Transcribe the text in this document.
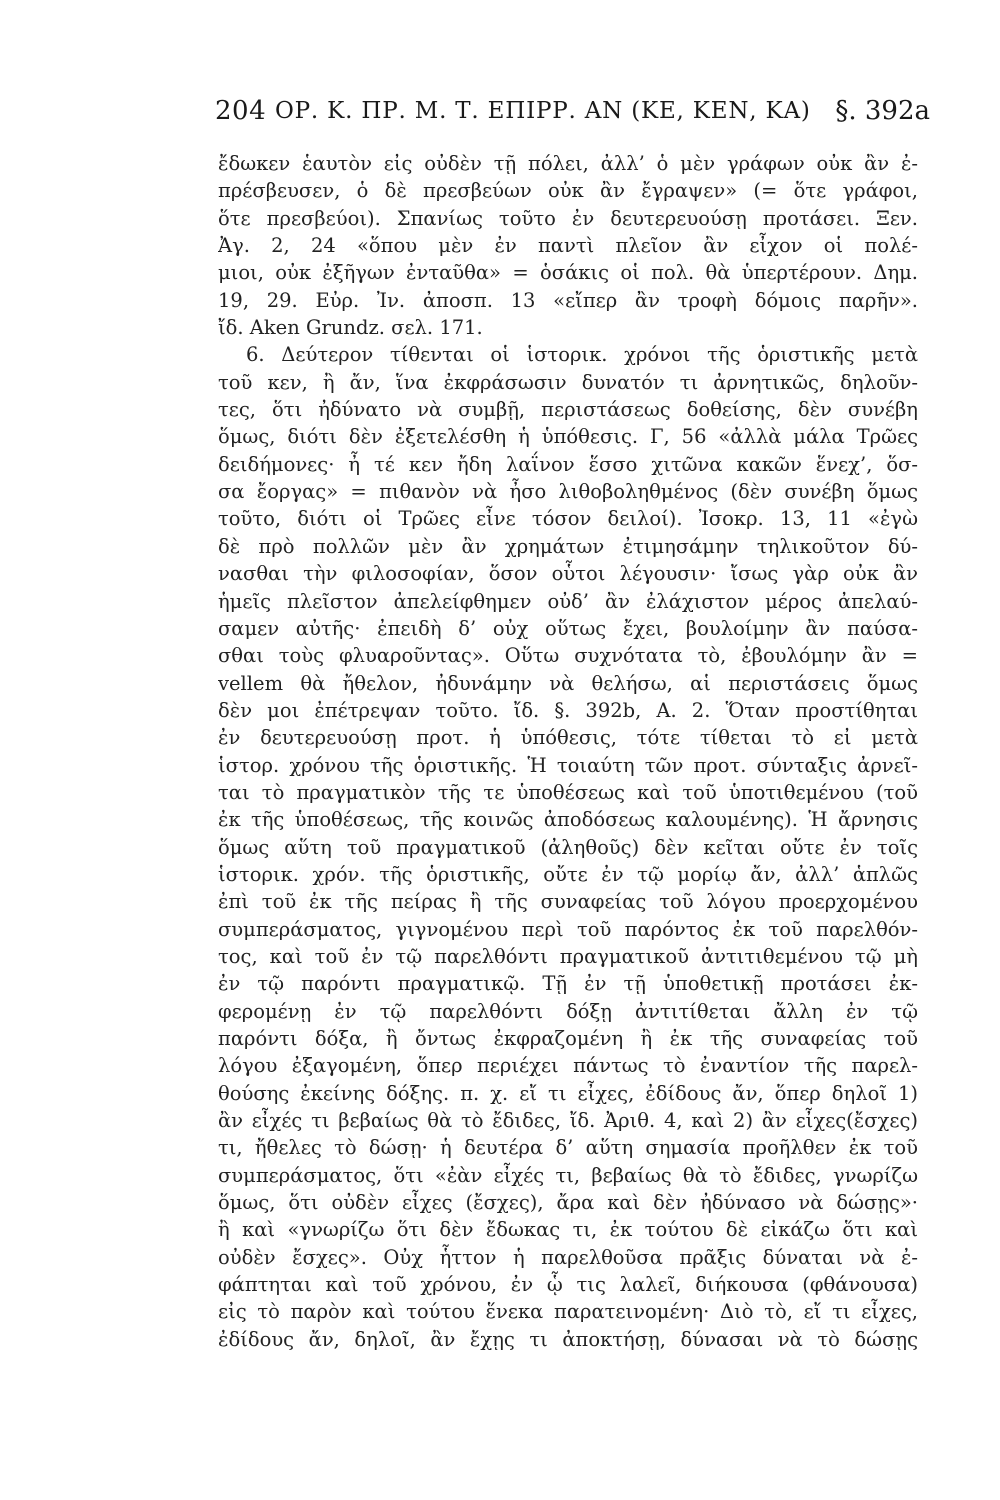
204 ΟΡ. Κ. ΠΡ. Μ. Τ. ΕΠΙΡΡ. ΑΝ (ΚΕ, ΚΕΝ, ΚΑ) §. 392a
ἔδωκεν ἑαυτὸν εἰς οὐδὲν τῇ πόλει, ἀλλ’ ὁ μὲν γράφων οὐκ ἂν ἐ-
πρέσβευσεν, ὁ δὲ πρεσβεύων οὐκ ἂν ἔγραψεν» (= ὅτε γράφοι,
ὅτε πρεσβεύοι). Σπανίως τοῦτο ἐν δευτερευούσῃ προτάσει. Ξεν.
Ἀγ. 2, 24 «ὅπου μὲν ἐν παντὶ πλεῖον ἂν εἶχον οἱ πολέ-
μιοι, οὐκ ἐξῆγων ἐνταῦθα» = ὁσάκις οἱ πολ. θὰ ὑπερτέρουν. Δημ.
19, 29. Εὐρ. Ἰν. ἀποσπ. 13 «εἴπερ ἂν τροφὴ δόμοις παρῆν».
ἴδ. Aken Grundz. σελ. 171.
6. Δεύτερον τίθενται οἱ ἱστορικ. χρόνοι τῆς ὁριστικῆς μετὰ
τοῦ κεν, ἢ ἄν, ἵνα ἐκφράσωσιν δυνατόν τι ἀρνητικῶς, δηλοῦν-
τες, ὅτι ἠδύνατο νὰ συμβῇ, περιστάσεως δοθείσης, δὲν συνέβη
ὅμως, διότι δὲν ἐξετελέσθη ἡ ὑπόθεσις. Γ, 56 «ἀλλὰ μάλα Τρῶες
δειδήμονες· ἦ τέ κεν ἤδη λαΐνον ἕσσο χιτῶνα κακῶν ἕνεχ’, ὅσ-
σα ἔοργας» = πιθανὸν νὰ ἦσο λιθοβοληθμένος (δὲν συνέβη ὅμως
τοῦτο, διότι οἱ Τρῶες εἶνε τόσον δειλοί). Ἰσοκρ. 13, 11 «ἐγὼ
δὲ πρὸ πολλῶν μὲν ἂν χρημάτων ἐτιμησάμην τηλικοῦτον δύ-
νασθαι τὴν φιλοσοφίαν, ὅσον οὗτοι λέγουσιν· ἴσως γὰρ οὐκ ἂν
ἡμεῖς πλεῖστον ἀπελείφθημεν οὐδ’ ἂν ἐλάχιστον μέρος ἀπελαύ-
σαμεν αὐτῆς· ἐπειδὴ δ’ οὐχ οὕτως ἔχει, βουλοίμην ἂν παύσα-
σθαι τοὺς φλυαροῦντας». Οὕτω συχνότατα τὸ, ἐβουλόμην ἂν =
vellem θὰ ἤθελον, ἠδυνάμην νὰ θελήσω, αἱ περιστάσεις ὅμως
δὲν μοι ἐπέτρεψαν τοῦτο. ἴδ. §. 392b, Α. 2. Ὅταν προστίθηται
ἐν δευτερευούσῃ προτ. ἡ ὑπόθεσις, τότε τίθεται τὸ εἰ μετὰ
ἱστορ. χρόνου τῆς ὁριστικῆς. Ἡ τοιαύτη τῶν προτ. σύνταξις ἀρνεῖ-
ται τὸ πραγματικὸν τῆς τε ὑποθέσεως καὶ τοῦ ὑποτιθεμένου (τοῦ
ἐκ τῆς ὑποθέσεως, τῆς κοινῶς ἀποδόσεως καλουμένης). Ἡ ἄρνησις
ὅμως αὕτη τοῦ πραγματικοῦ (ἀληθοῦς) δὲν κεῖται οὔτε ἐν τοῖς
ἱστορικ. χρόν. τῆς ὁριστικῆς, οὔτε ἐν τῷ μορίῳ ἄν, ἀλλ’ ἁπλῶς
ἐπὶ τοῦ ἐκ τῆς πείρας ἢ τῆς συναφείας τοῦ λόγου προερχομένου
συμπεράσματος, γιγνομένου περὶ τοῦ παρόντος ἐκ τοῦ παρελθόν-
τος, καὶ τοῦ ἐν τῷ παρελθόντι πραγματικοῦ ἀντιτιθεμένου τῷ μὴ
ἐν τῷ παρόντι πραγματικῷ. Τῇ ἐν τῇ ὑποθετικῇ προτάσει ἐκ-
φερομένῃ ἐν τῷ παρελθόντι δόξῃ ἀντιτίθεται ἄλλη ἐν τῷ
παρόντι δόξα, ἢ ὄντως ἐκφραζομένη ἢ ἐκ τῆς συναφείας τοῦ
λόγου ἐξαγομένη, ὅπερ περιέχει πάντως τὸ ἐναντίον τῆς παρελ-
θούσης ἐκείνης δόξης. π. χ. εἴ τι εἶχες, ἐδίδους ἄν, ὅπερ δηλοῖ 1)
ἂν εἶχές τι βεβαίως θὰ τὸ ἔδιδες, ἴδ. Ἀριθ. 4, καὶ 2) ἂν εἶχες(ἔσχες)
τι, ἤθελες τὸ δώσῃ· ἡ δευτέρα δ’ αὕτη σημασία προῆλθεν ἐκ τοῦ
συμπεράσματος, ὅτι «ἐὰν εἶχές τι, βεβαίως θὰ τὸ ἔδιδες, γνωρίζω
ὅμως, ὅτι οὐδὲν εἶχες (ἔσχες), ἄρα καὶ δὲν ἠδύνασο νὰ δώσῃς»·
ἢ καὶ «γνωρίζω ὅτι δὲν ἔδωκας τι, ἐκ τούτου δὲ εἰκάζω ὅτι καὶ
οὐδὲν ἔσχες». Οὐχ ἧττον ἡ παρελθοῦσα πρᾶξις δύναται νὰ ἐ-
φάπτηται καὶ τοῦ χρόνου, ἐν ᾧ τις λαλεῖ, διήκουσα (φθάνουσα)
εἰς τὸ παρὸν καὶ τούτου ἕνεκα παρατεινομένη· Διὸ τὸ, εἴ τι εἶχες,
ἐδίδους ἄν, δηλοῖ, ἂν ἔχῃς τι ἀποκτήσῃ, δύνασαι νὰ τὸ δώσῃς
